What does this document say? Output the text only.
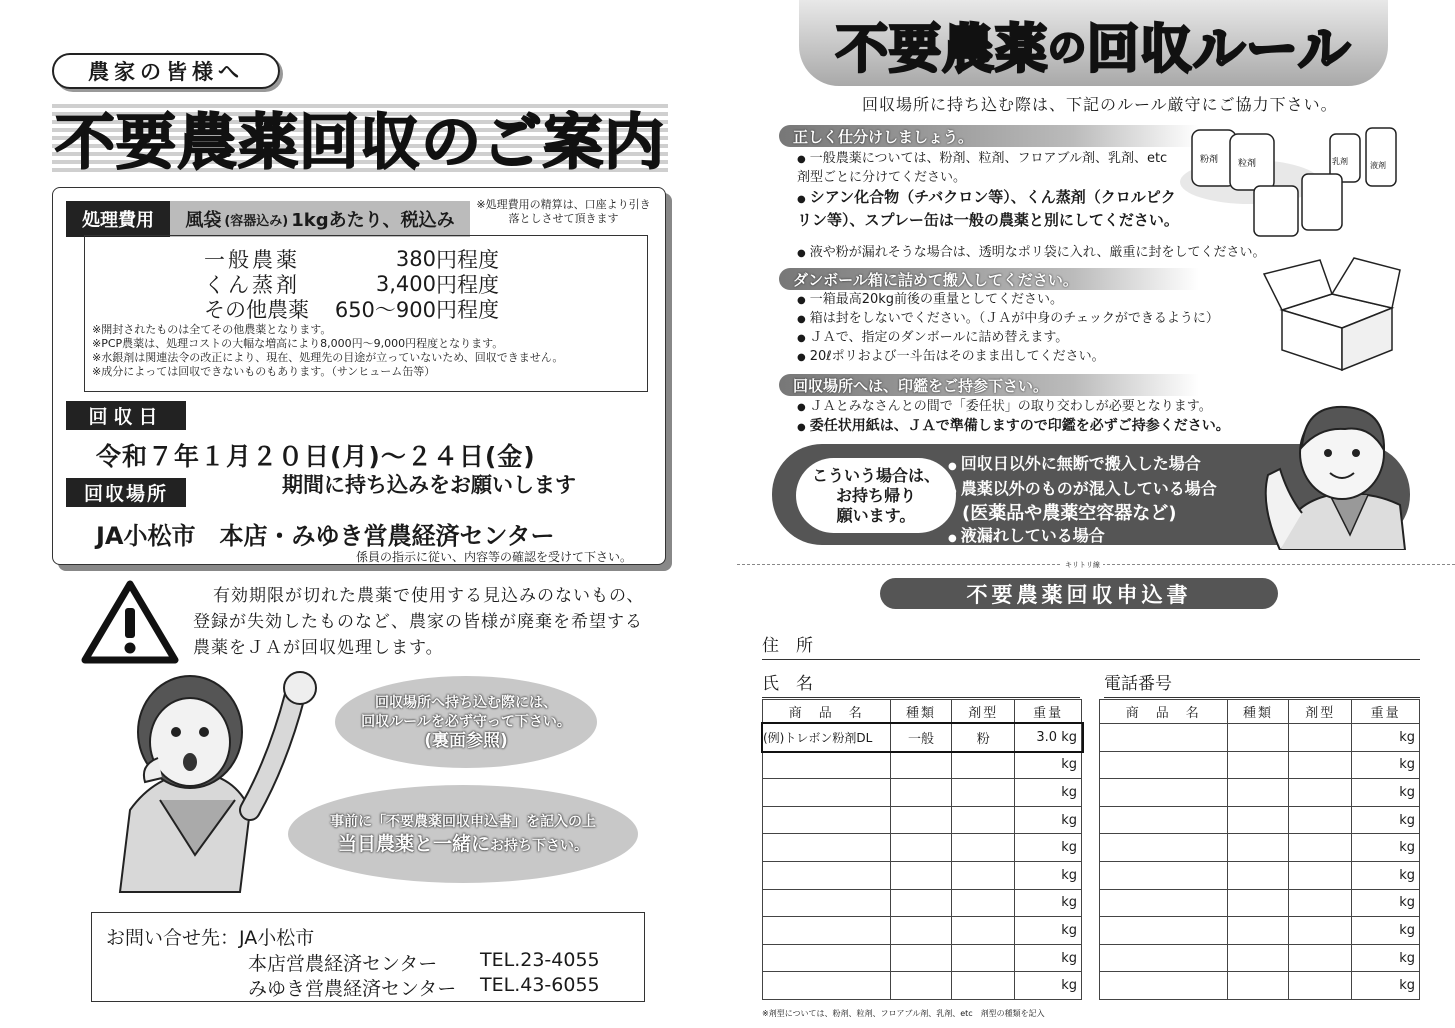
農家の皆様へ
不要農薬回収のご案内
処理費用	風袋 (容器込み) 1kgあたり、税込み
※処理費用の精算は、口座より引き落としさせて頂きます
一般農薬	380 円程度
くん蒸剤	3,400 円程度
その他農薬	650～900 円程度
※開封されたものは全てその他農薬となります。
※PCP農薬は、処理コストの大幅な増高により8,000円～9,000円程度となります。
※水銀剤は関連法令の改正により、現在、処理先の目途が立っていないため、回収できません。
※成分によっては回収できないものもあります。（サンヒューム缶等）
回収日
令和７年１月２０日(月)～２４日(金)
期間に持ち込みをお願いします
回収場所
JA小松市　本店・みゆき営農経済センター
係員の指示に従い、内容等の確認を受けて下さい。
有効期限が切れた農薬で使用する見込みのないもの、登録が失効したものなど、農家の皆様が廃棄を希望する農薬をＪＡが回収処理します。
回収場所へ持ち込む際には、
回収ルールを必ず守って下さい。
(裏面参照)
事前に「不要農薬回収申込書」を記入の上
当日農薬と一緒にお持ち下さい。
お問い合せ先：JA小松市
本店営農経済センター TEL.23-4055
みゆき営農経済センター TEL.43-6055
不要農薬 の 回収ルール
回収場所に持ち込む際は、下記のルール厳守にご協力下さい。
正しく仕分けしましょう。
● 一般農薬については、粉剤、粒剤、フロアブル剤、乳剤、etc　剤型ごとに分けてください。
● シアン化合物（チバクロン等）、くん蒸剤（クロルピクリン等）、スプレー缶は一般の農薬と別にしてください。
● 液や粉が漏れそうな場合は、透明なポリ袋に入れ、厳重に封をしてください。
粉剤 粒剤	乳剤	液剤
ダンボール箱に詰めて搬入してください。
● 一箱最高20kg前後の重量としてください。
● 箱は封をしないでください。（ＪＡが中身のチェックができるように）
● ＪＡで、指定のダンボールに詰め替えます。
● 20ℓポリおよび一斗缶はそのまま出してください。
回収場所へは、印鑑をご持参下さい。
● ＪＡとみなさんとの間で「委任状」の取り交わしが必要となります。
● 委任状用紙は、ＪＡで準備しますので印鑑を必ずご持参ください。
こういう場合は、
お持ち帰り
願います。
● 回収日以外に無断で搬入した場合
● 農薬以外のものが混入している場合
(医薬品や農薬空容器など)
● 液漏れしている場合
キリトリ線
不要農薬回収申込書
住　所
氏　名	電話番号
商　品　名	種類	剤型	重量
(例)トレボン粉剤DL	一般	粉	3.0 kg
			kg
			kg
			kg
			kg
			kg
			kg
			kg
			kg
			kg
商　品　名	種類	剤型	重量
			kg
			kg
			kg
			kg
			kg
			kg
			kg
			kg
			kg
			kg
※剤型については、粉剤、粒剤、フロアブル剤、乳剤、etc　剤型の種類を記入
